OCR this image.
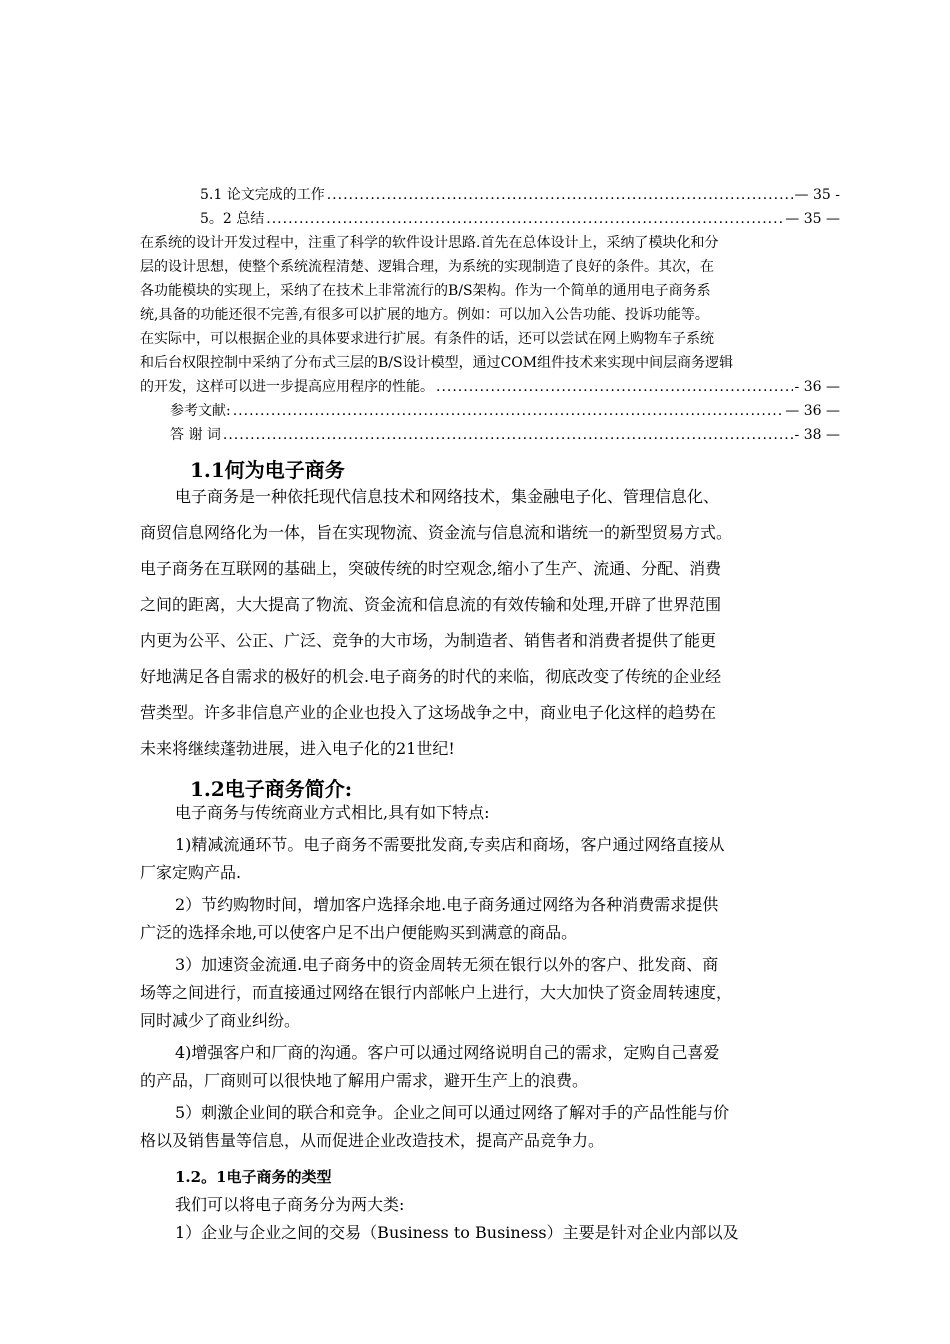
5.1 论文完成的工作 .....	— 35 -
5。2 总结 .....	— 35 —
在系统的设计开发过程中，注重了科学的软件设计思路.首先在总体设计上，采纳了模块化和分
层的设计思想，使整个系统流程清楚、逻辑合理，为系统的实现制造了良好的条件。其次，在
各功能模块的实现上，采纳了在技术上非常流行的B/S架构。作为一个简单的通用电子商务系
统,具备的功能还很不完善,有很多可以扩展的地方。例如：可以加入公告功能、投诉功能等。
在实际中，可以根据企业的具体要求进行扩展。有条件的话，还可以尝试在网上购物车子系统
和后台权限控制中采纳了分布式三层的B/S设计模型，通过COM组件技术来实现中间层商务逻辑
的开发，这样可以进一步提高应用程序的性能。 .....	- 36 —
参考文献: .....	— 36 —
答 谢 词 .....	- 38 —
1.1何为电子商务
电子商务是一种依托现代信息技术和网络技术，集金融电子化、管理信息化、
商贸信息网络化为一体，旨在实现物流、资金流与信息流和谐统一的新型贸易方式。
电子商务在互联网的基础上，突破传统的时空观念,缩小了生产、流通、分配、消费
之间的距离，大大提高了物流、资金流和信息流的有效传输和处理,开辟了世界范围
内更为公平、公正、广泛、竞争的大市场，为制造者、销售者和消费者提供了能更
好地满足各自需求的极好的机会.电子商务的时代的来临，彻底改变了传统的企业经
营类型。许多非信息产业的企业也投入了这场战争之中，商业电子化这样的趋势在
未来将继续蓬勃进展，进入电子化的21世纪!
1.2电子商务简介:
电子商务与传统商业方式相比,具有如下特点:
1)精减流通环节。电子商务不需要批发商,专卖店和商场，客户通过网络直接从
厂家定购产品.
2）节约购物时间，增加客户选择余地.电子商务通过网络为各种消费需求提供
广泛的选择余地,可以使客户足不出户便能购买到满意的商品。
3）加速资金流通.电子商务中的资金周转无须在银行以外的客户、批发商、商
场等之间进行，而直接通过网络在银行内部帐户上进行，大大加快了资金周转速度，
同时减少了商业纠纷。
4)增强客户和厂商的沟通。客户可以通过网络说明自己的需求，定购自己喜爱
的产品，厂商则可以很快地了解用户需求，避开生产上的浪费。
5）刺激企业间的联合和竞争。企业之间可以通过网络了解对手的产品性能与价
格以及销售量等信息，从而促进企业改造技术，提高产品竞争力。
1.2。1电子商务的类型
我们可以将电子商务分为两大类:
1）企业与企业之间的交易（Business to Business）主要是针对企业内部以及
